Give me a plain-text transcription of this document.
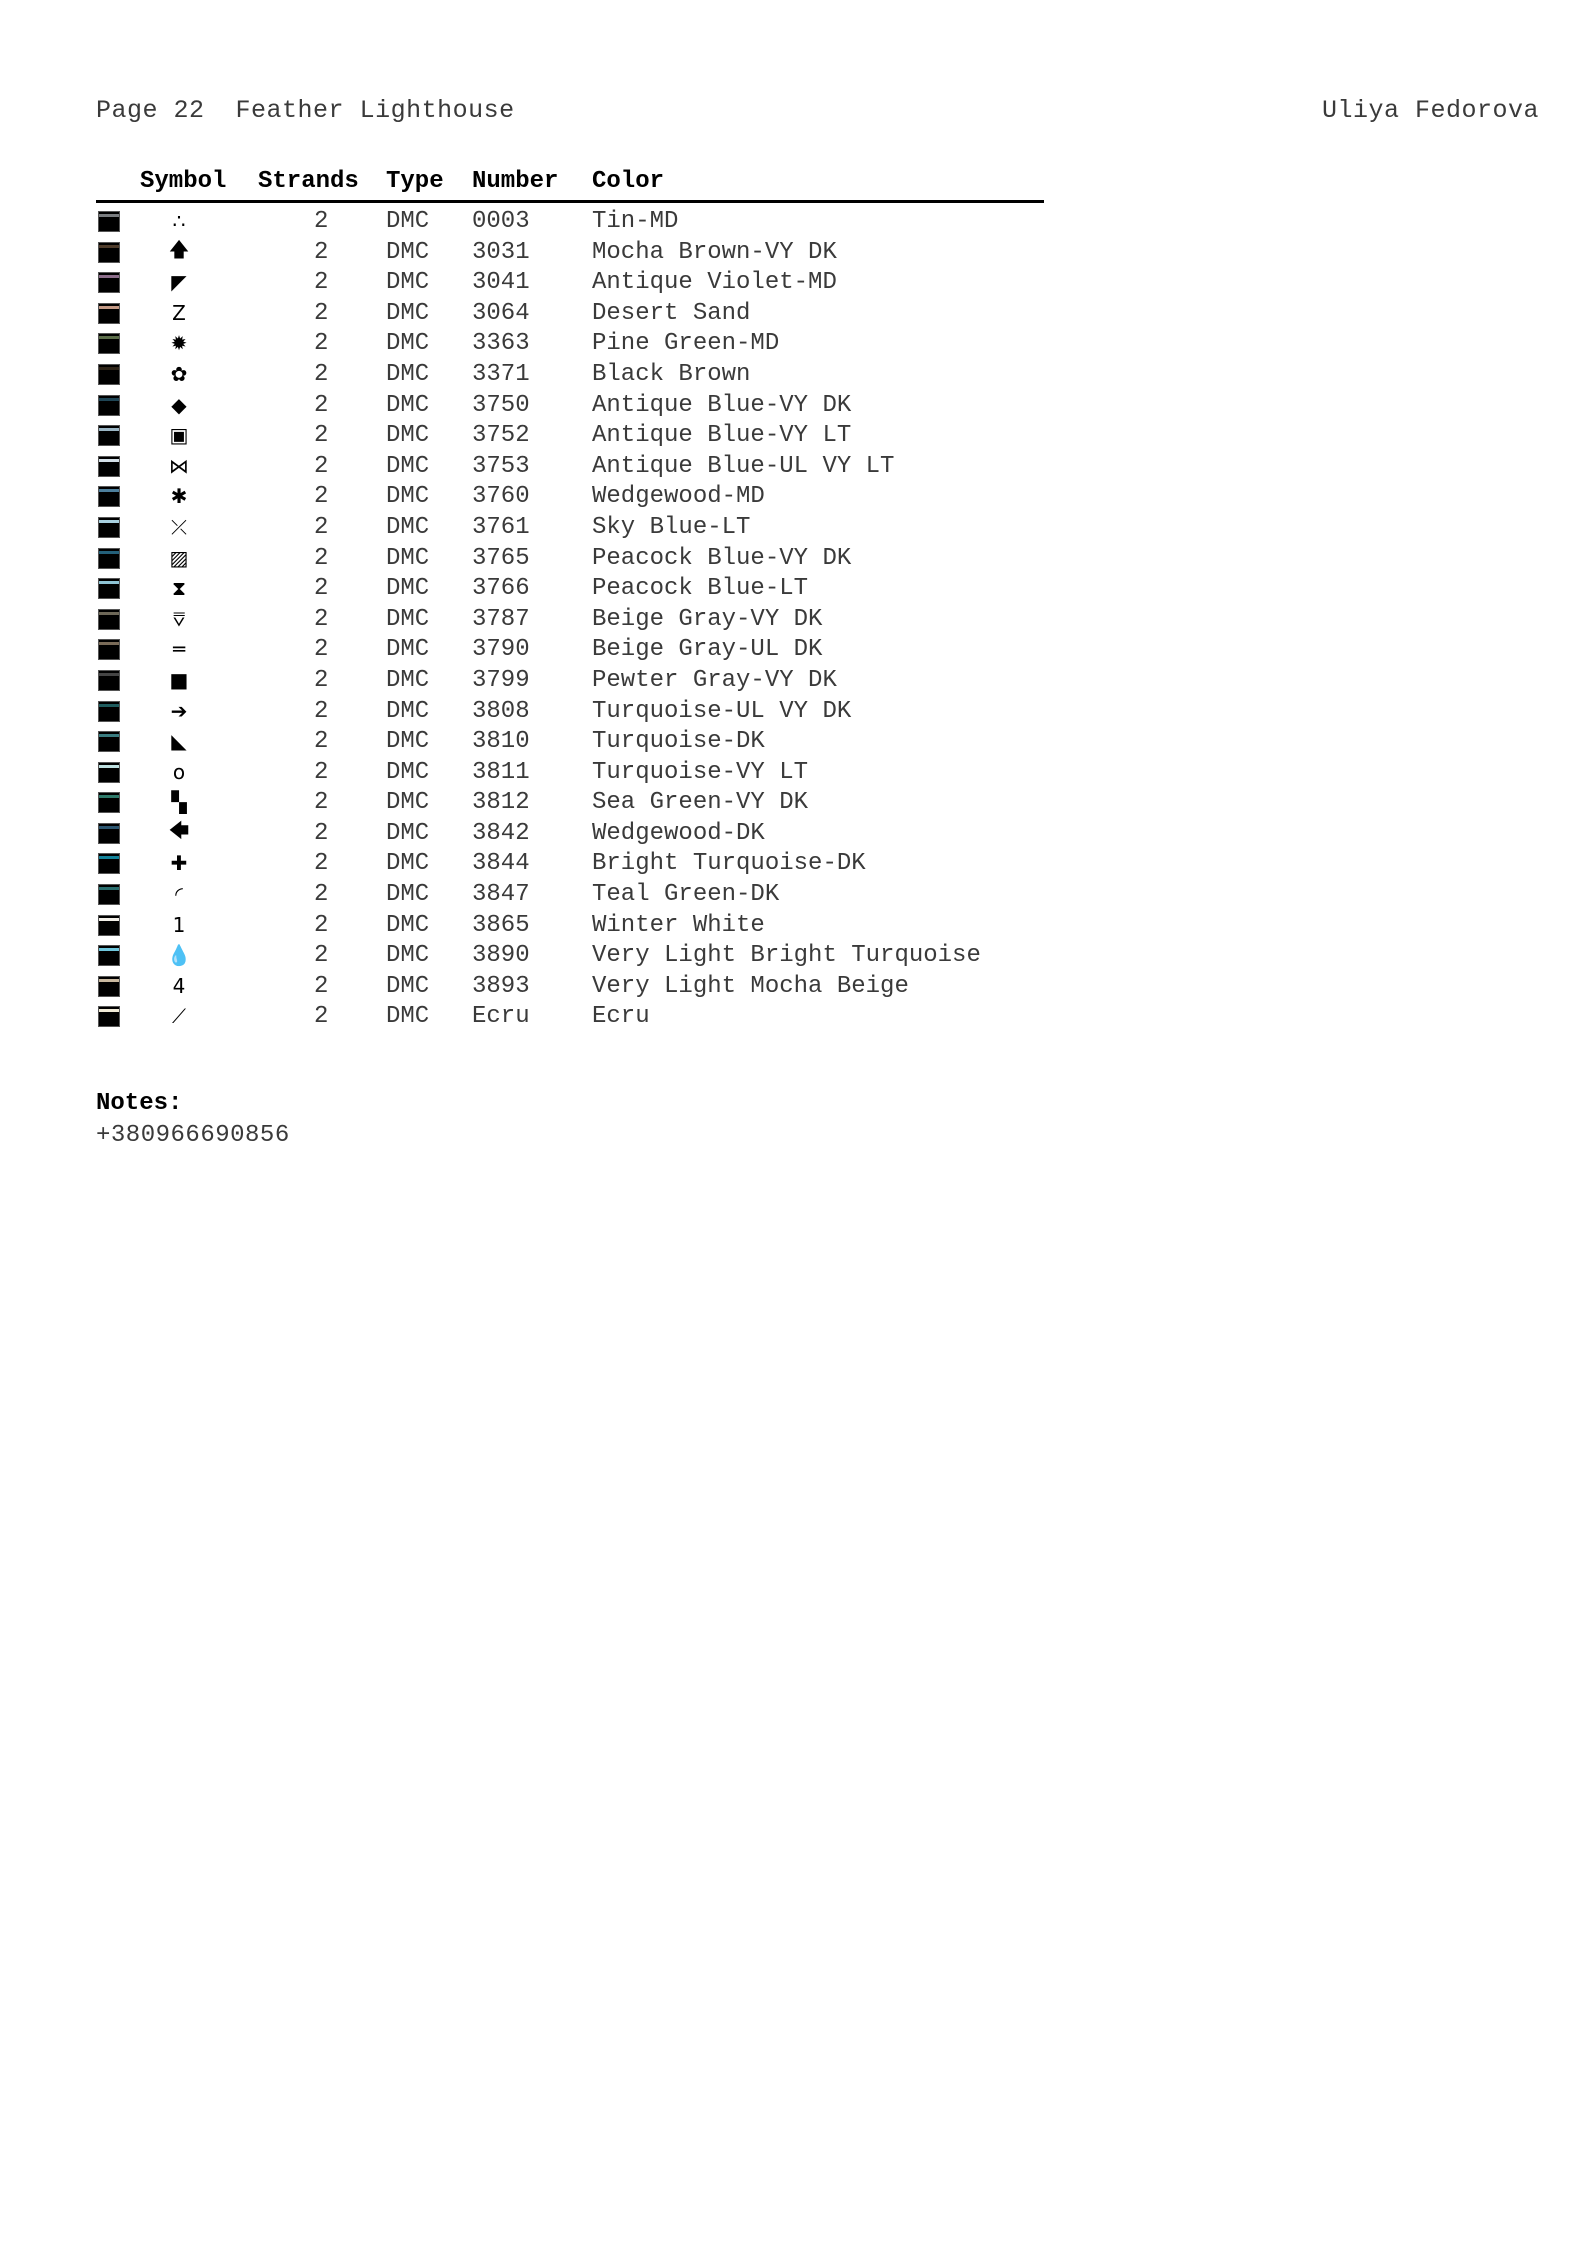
Page 22 Feather Lighthouse	Uliya Fedorova
Symbol Strands Type Number Color
∴	2 DMC 0003	Tin-MD
🡅	2 DMC 3031	Mocha Brown-VY DK
◤	2 DMC 3041	Antique Violet-MD
Z	2 DMC 3064	Desert Sand
✹	2 DMC 3363	Pine Green-MD
✿	2 DMC 3371	Black Brown
◆	2 DMC 3750	Antique Blue-VY DK
▣	2 DMC 3752	Antique Blue-VY LT
⋈	2 DMC 3753	Antique Blue-UL VY LT
✱	2 DMC 3760	Wedgewood-MD
⤫	2 DMC 3761	Sky Blue-LT
▨	2 DMC 3765	Peacock Blue-VY DK
⧗	2 DMC 3766	Peacock Blue-LT
⩢	2 DMC 3787	Beige Gray-VY DK
═	2 DMC 3790	Beige Gray-UL DK
■	2 DMC 3799	Pewter Gray-VY DK
➔	2 DMC 3808	Turquoise-UL VY DK
◣	2 DMC 3810	Turquoise-DK
ᴏ	2 DMC 3811	Turquoise-VY LT
▚	2 DMC 3812	Sea Green-VY DK
🡄	2 DMC 3842	Wedgewood-DK
✚	2 DMC 3844	Bright Turquoise-DK
◜	2 DMC 3847	Teal Green-DK
1	2 DMC 3865	Winter White
💧	2 DMC 3890	Very Light Bright Turquoise
4	2 DMC 3893	Very Light Mocha Beige
⟋	2 DMC Ecru	Ecru
Notes:
+380966690856
